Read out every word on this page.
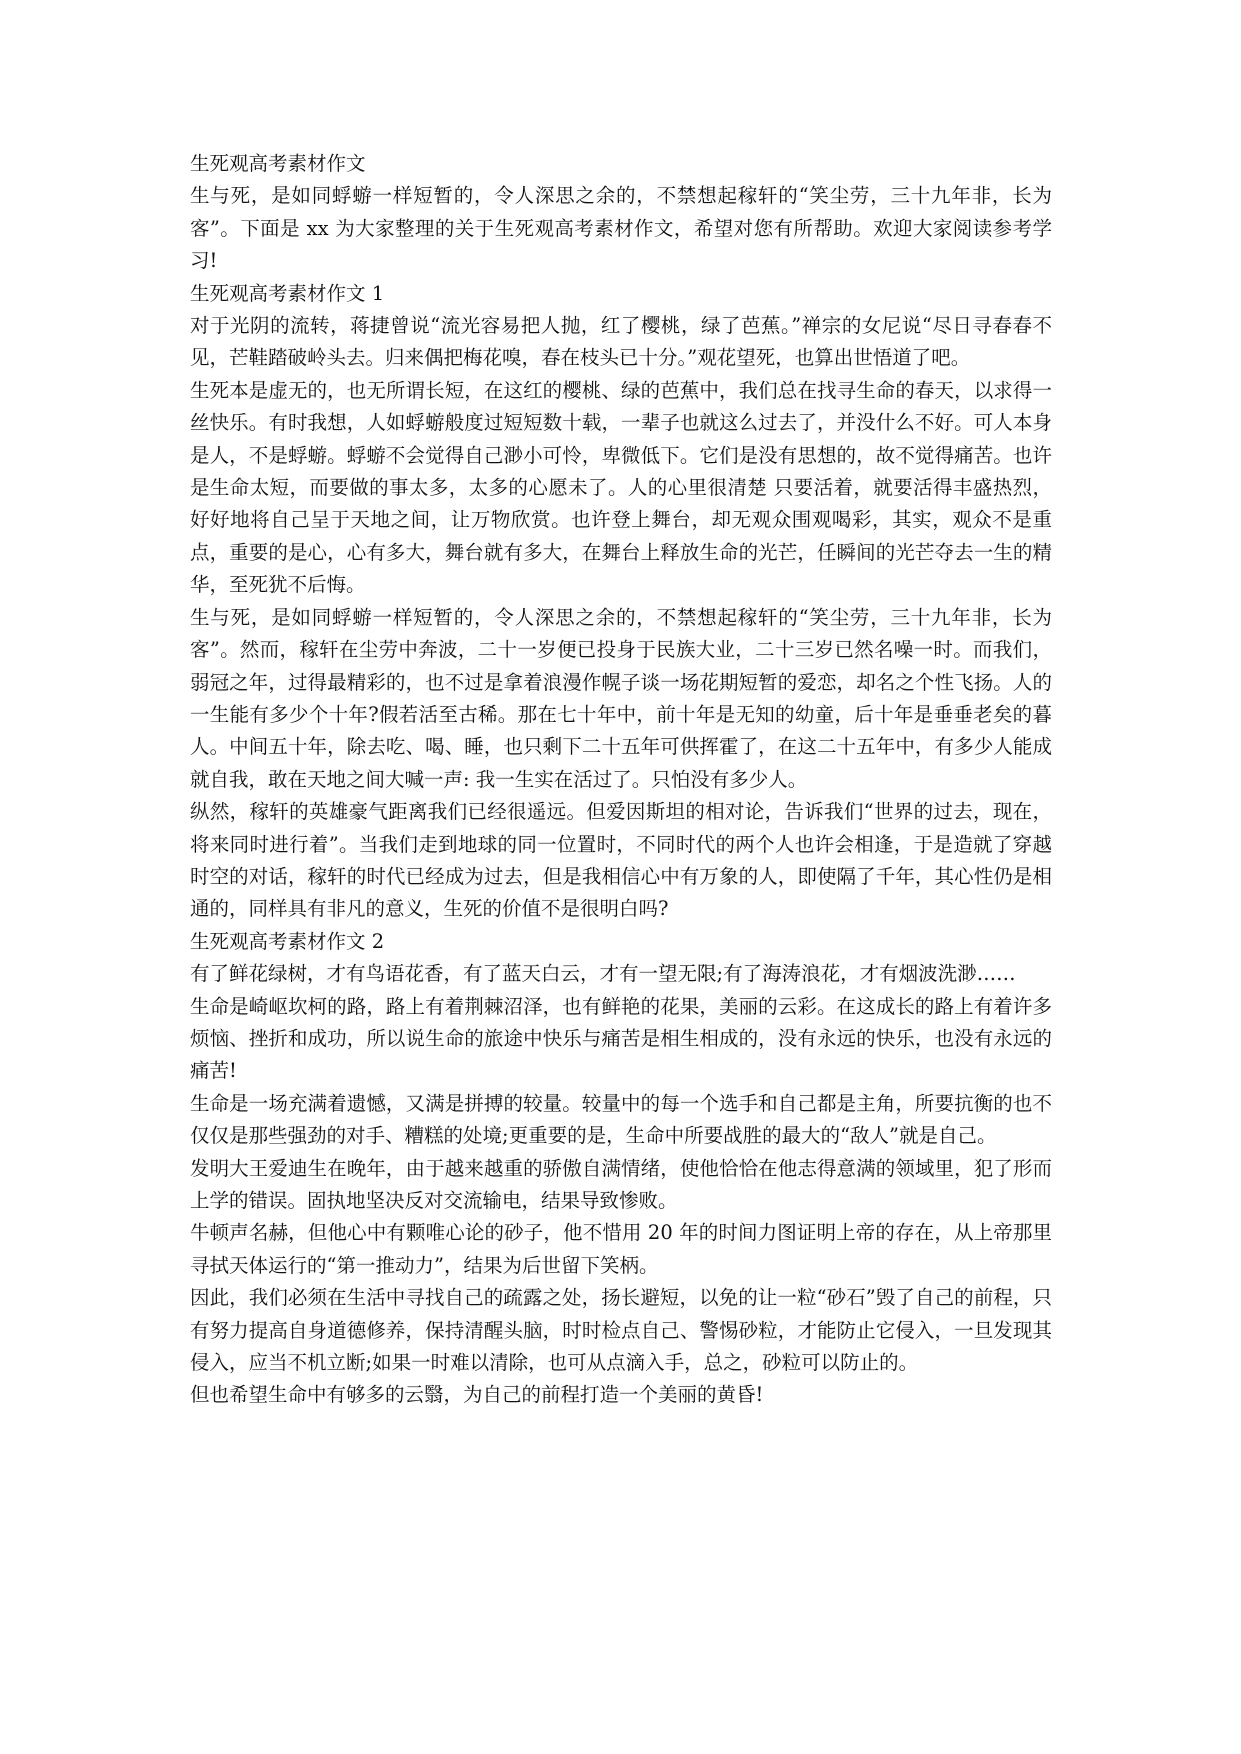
生死观高考素材作文

生与死，是如同蜉蝣一样短暂的，令人深思之余的，不禁想起稼轩的“笑尘劳，三十九年非，长为客”。下面是 xx 为大家整理的关于生死观高考素材作文，希望对您有所帮助。欢迎大家阅读参考学习!

生死观高考素材作文 1

对于光阴的流转，蒋捷曾说“流光容易把人抛，红了樱桃，绿了芭蕉。”禅宗的女尼说“尽日寻春春不见，芒鞋踏破岭头去。归来偶把梅花嗅，春在枝头已十分。”观花望死，也算出世悟道了吧。

生死本是虚无的，也无所谓长短，在这红的樱桃、绿的芭蕉中，我们总在找寻生命的春天，以求得一丝快乐。有时我想，人如蜉蝣般度过短短数十载，一辈子也就这么过去了，并没什么不好。可人本身是人，不是蜉蝣。蜉蝣不会觉得自己渺小可怜，卑微低下。它们是没有思想的，故不觉得痛苦。也许是生命太短，而要做的事太多，太多的心愿未了。人的心里很清楚 只要活着，就要活得丰盛热烈，好好地将自己呈于天地之间，让万物欣赏。也许登上舞台，却无观众围观喝彩，其实，观众不是重点，重要的是心，心有多大，舞台就有多大，在舞台上释放生命的光芒，任瞬间的光芒夺去一生的精华，至死犹不后悔。

生与死，是如同蜉蝣一样短暂的，令人深思之余的，不禁想起稼轩的“笑尘劳，三十九年非，长为客”。然而，稼轩在尘劳中奔波，二十一岁便已投身于民族大业，二十三岁已然名噪一时。而我们，弱冠之年，过得最精彩的，也不过是拿着浪漫作幌子谈一场花期短暂的爱恋，却名之个性飞扬。人的一生能有多少个十年?假若活至古稀。那在七十年中，前十年是无知的幼童，后十年是垂垂老矣的暮人。中间五十年，除去吃、喝、睡，也只剩下二十五年可供挥霍了，在这二十五年中，有多少人能成就自我，敢在天地之间大喊一声: 我一生实在活过了。只怕没有多少人。

纵然，稼轩的英雄豪气距离我们已经很遥远。但爱因斯坦的相对论，告诉我们“世界的过去，现在，将来同时进行着”。当我们走到地球的同一位置时，不同时代的两个人也许会相逢，于是造就了穿越时空的对话，稼轩的时代已经成为过去，但是我相信心中有万象的人，即使隔了千年，其心性仍是相通的，同样具有非凡的意义，生死的价值不是很明白吗?

生死观高考素材作文 2

有了鲜花绿树，才有鸟语花香，有了蓝天白云，才有一望无限;有了海涛浪花，才有烟波洗渺……

生命是崎岖坎柯的路，路上有着荆棘沼泽，也有鲜艳的花果，美丽的云彩。在这成长的路上有着许多烦恼、挫折和成功，所以说生命的旅途中快乐与痛苦是相生相成的，没有永远的快乐，也没有永远的痛苦!

生命是一场充满着遗憾，又满是拼搏的较量。较量中的每一个选手和自己都是主角，所要抗衡的也不仅仅是那些强劲的对手、糟糕的处境;更重要的是，生命中所要战胜的最大的“敌人”就是自己。

发明大王爱迪生在晚年，由于越来越重的骄傲自满情绪，使他恰恰在他志得意满的领域里，犯了形而上学的错误。固执地坚决反对交流输电，结果导致惨败。

牛顿声名赫，但他心中有颗唯心论的砂子，他不惜用 20 年的时间力图证明上帝的存在，从上帝那里寻拭天体运行的“第一推动力”，结果为后世留下笑柄。

因此，我们必须在生活中寻找自己的疏露之处，扬长避短，以免的让一粒“砂石”毁了自己的前程，只有努力提高自身道德修养，保持清醒头脑，时时检点自己、警惕砂粒，才能防止它侵入，一旦发现其侵入，应当不机立断;如果一时难以清除，也可从点滴入手，总之，砂粒可以防止的。

但也希望生命中有够多的云翳，为自己的前程打造一个美丽的黄昏!
